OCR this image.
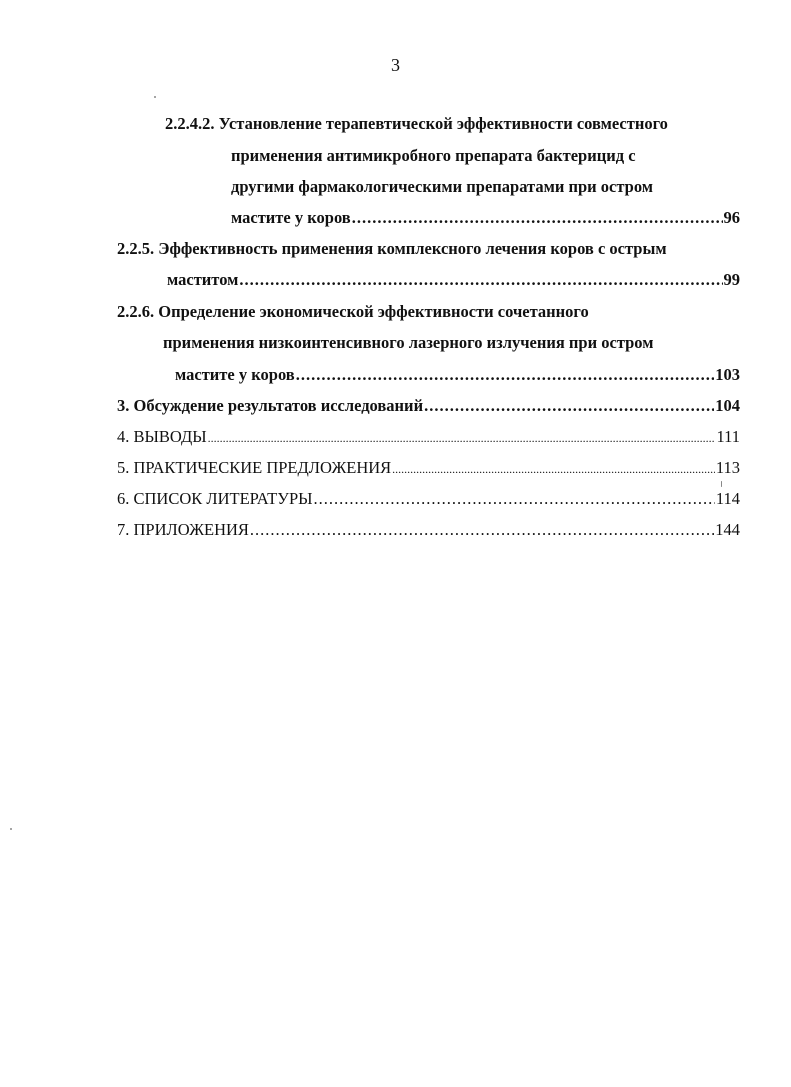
3
2.2.4.2. Установление терапевтической эффективности совместного
применения антимикробного препарата бактерицид с
другими фармакологическими препаратами при остром
мастите у коров .....	96
2.2.5. Эффективность применения комплексного лечения коров с острым
маститом .....	99
2.2.6. Определение экономической эффективности сочетанного
применения низкоинтенсивного лазерного излучения при остром
мастите у коров .....	103
3. Обсуждение результатов исследований .....	104
4. ВЫВОДЫ .....	111
5. ПРАКТИЧЕСКИЕ ПРЕДЛОЖЕНИЯ .....	113
6. СПИСОК ЛИТЕРАТУРЫ .....	114
7. ПРИЛОЖЕНИЯ .....	144
